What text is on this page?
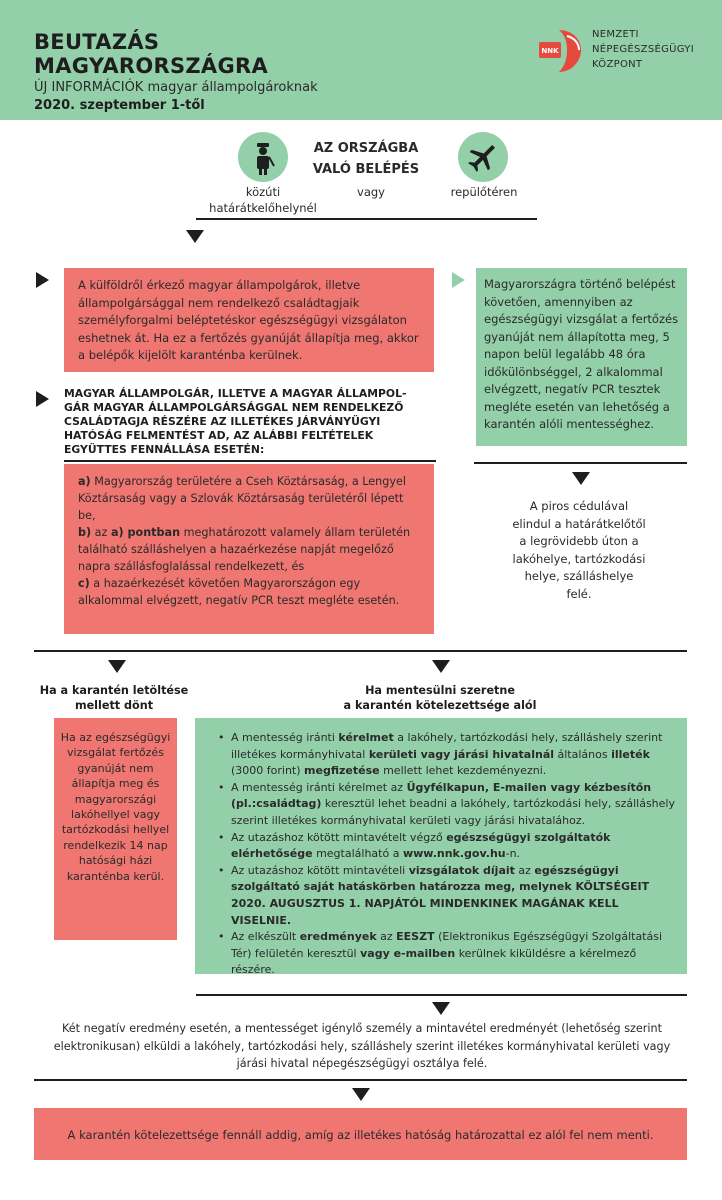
BEUTAZÁS
MAGYARORSZÁGRA
ÚJ INFORMÁCIÓK magyar állampolgároknak
2020. szeptember 1-től
NNK
NEMZETI
NÉPEGÉSZSÉGÜGYI
KÖZPONT
AZ ORSZÁGBA
VALÓ BELÉPÉS
közúti
határátkelőhelynél
vagy	repülőtéren
A külföldről érkező magyar állampolgárok, illetve állampolgársággal nem rendelkező családtagjaik személyforgalmi beléptetéskor egészségügyi vizsgálaton eshetnek át. Ha ez a fertőzés gyanúját állapítja meg, akkor a belépők kijelölt karanténba kerülnek.
Magyarországra történő belépést követően, amennyiben az egészségügyi vizsgálat a fertőzés gyanúját nem állapította meg, 5 napon belül legalább 48 óra időkülönbséggel, 2 alkalommal elvégzett, negatív PCR tesztek megléte esetén van lehetőség a karantén alóli mentességhez.
MAGYAR ÁLLAMPOLGÁR, ILLETVE A MAGYAR ÁLLAMPOL-
GÁR MAGYAR ÁLLAMPOLGÁRSÁGGAL NEM RENDELKEZŐ
CSALÁDTAGJA RÉSZÉRE AZ ILLETÉKES JÁRVÁNYÜGYI
HATÓSÁG FELMENTÉST AD, AZ ALÁBBI FELTÉTELEK
EGYÜTTES FENNÁLLÁSA ESETÉN:

a) Magyarország területére a Cseh Köztársaság, a Lengyel Köztársaság vagy a Szlovák Köztársaság területéről lépett be,

b) az a) pontban meghatározott valamely állam területén található szálláshelyen a hazaérkezése napját megelőző napra szállásfoglalással rendelkezett, és

c) a hazaérkezését követően Magyarországon egy alkalommal elvégzett, negatív PCR teszt megléte esetén.

A piros cédulával elindul a határátkelőtől a legrövidebb úton a lakóhelye, tartózkodási helye, szálláshelye felé.
Ha a karantén letöltése mellett dönt
Ha mentesülni szeretne
a karantén kötelezettsége alól
Ha az egészségügyi vizsgálat fertőzés gyanúját nem állapítja meg és magyarországi lakóhellyel vagy tartózkodási hellyel rendelkezik 14 nap hatósági házi karanténba kerül.
• A mentesség iránti kérelmet a lakóhely, tartózkodási hely, szálláshely szerint illetékes kormányhivatal kerületi vagy járási hivatalnál általános illeték (3000 forint) megfizetése mellett lehet kezdeményezni.
• A mentesség iránti kérelmet az Ügyfélkapun, E-mailen vagy kézbesítőn (pl.:családtag) keresztül lehet beadni a lakóhely, tartózkodási hely, szálláshely szerint illetékes kormányhivatal kerületi vagy járási hivatalához.
• Az utazáshoz kötött mintavételt végző egészségügyi szolgáltatók elérhetősége megtalálható a www.nnk.gov.hu-n.
• Az utazáshoz kötött mintavételi vizsgálatok díjait az egészségügyi szolgáltató saját hatáskörben határozza meg, melynek KÖLTSÉGEIT 2020. AUGUSZTUS 1. NAPJÁTÓL MINDENKINEK MAGÁNAK KELL VISELNIE.
• Az elkészült eredmények az EESZT (Elektronikus Egészségügyi Szolgáltatási Tér) felületén keresztül vagy e-mailben kerülnek kiküldésre a kérelmező részére.
Két negatív eredmény esetén, a mentességet igénylő személy a mintavétel eredményét (lehetőség szerint elektronikusan) elküldi a lakóhely, tartózkodási hely, szálláshely szerint illetékes kormányhivatal kerületi vagy járási hivatal népegészségügyi osztálya felé.
A karantén kötelezettsége fennáll addig, amíg az illetékes hatóság határozattal ez alól fel nem menti.
